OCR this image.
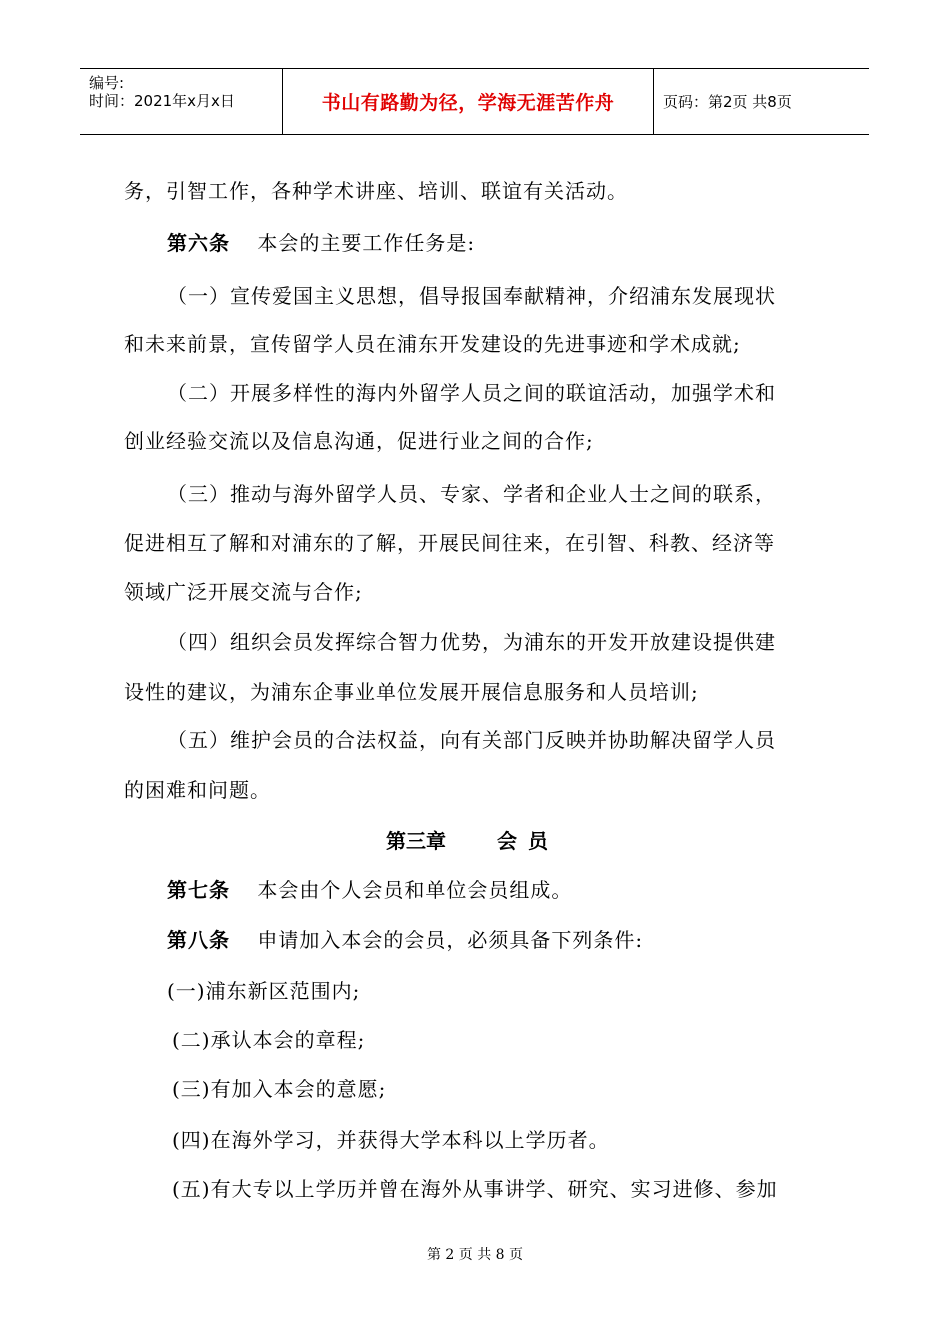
编号:
时间：2021年x月x日	书山有路勤为径，学海无涯苦作舟	页码：第2页 共8页
务，引智工作，各种学术讲座、培训、联谊有关活动。
第六条 本会的主要工作任务是:
（一）宣传爱国主义思想，倡导报国奉献精神，介绍浦东发展现状
和未来前景，宣传留学人员在浦东开发建设的先进事迹和学术成就;
（二）开展多样性的海内外留学人员之间的联谊活动，加强学术和
创业经验交流以及信息沟通，促进行业之间的合作;
（三）推动与海外留学人员、专家、学者和企业人士之间的联系，
促进相互了解和对浦东的了解，开展民间往来，在引智、科教、经济等
领域广泛开展交流与合作;
（四）组织会员发挥综合智力优势，为浦东的开发开放建设提供建
设性的建议，为浦东企事业单位发展开展信息服务和人员培训;
（五）维护会员的合法权益，向有关部门反映并协助解决留学人员
的困难和问题。
第三章	会 员
第七条 本会由个人会员和单位会员组成。
第八条 申请加入本会的会员，必须具备下列条件:
(一)浦东新区范围内;
(二)承认本会的章程;
(三)有加入本会的意愿;
(四)在海外学习，并获得大学本科以上学历者。
(五)有大专以上学历并曾在海外从事讲学、研究、实习进修、参加
第 2 页 共 8 页
